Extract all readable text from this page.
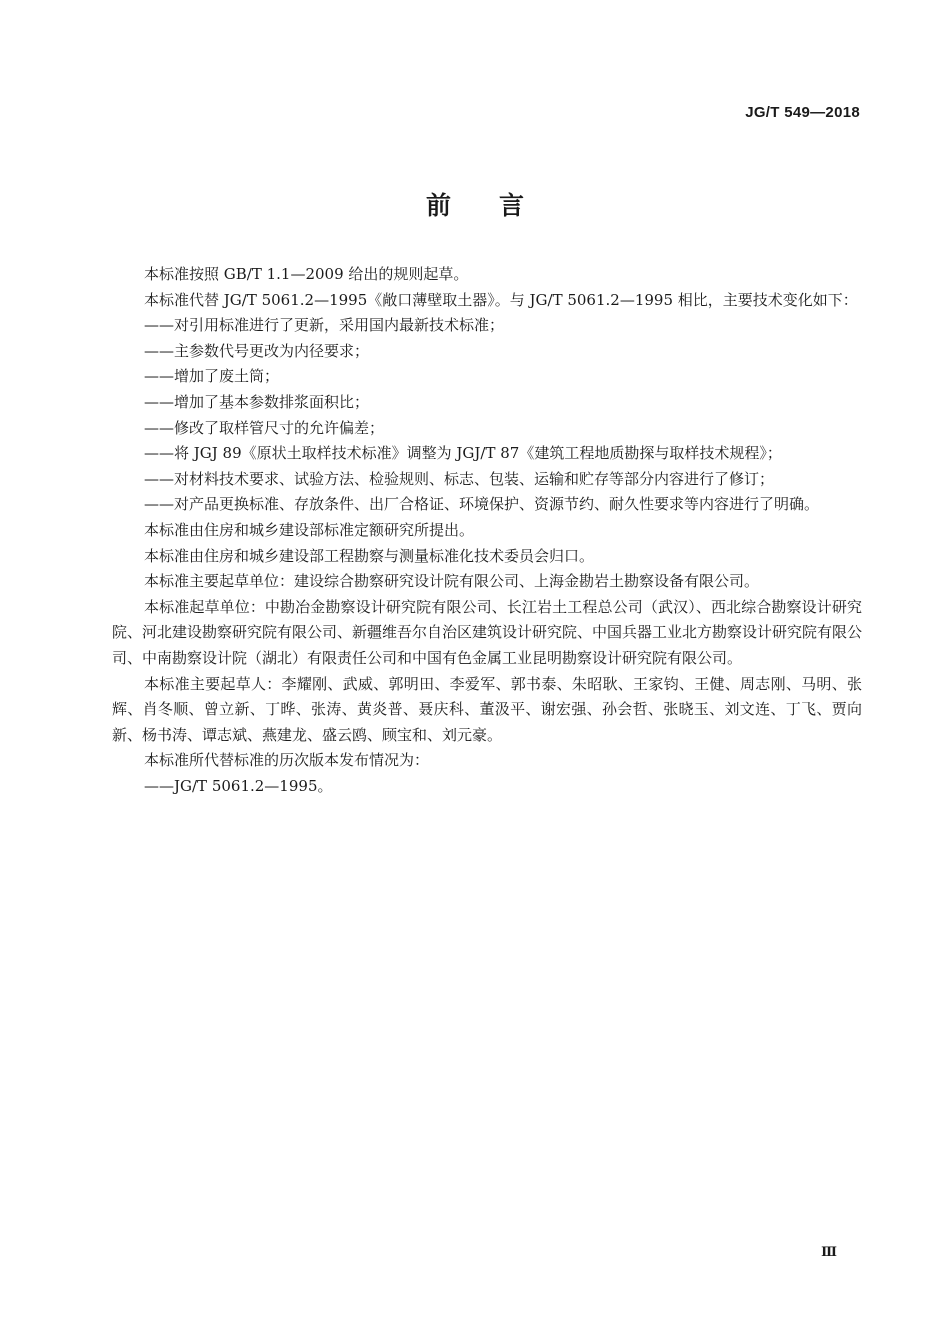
JG/T 549—2018
前言

本标准按照 GB/T 1.1—2009 给出的规则起草。

本标准代替 JG/T 5061.2—1995《敞口薄壁取土器》。与 JG/T 5061.2—1995 相比，主要技术变化如下：

——对引用标准进行了更新，采用国内最新技术标准；

——主参数代号更改为内径要求；

——增加了废土筒；

——增加了基本参数排浆面积比；

——修改了取样管尺寸的允许偏差；

——将 JGJ 89《原状土取样技术标准》调整为 JGJ/T 87《建筑工程地质勘探与取样技术规程》；

——对材料技术要求、试验方法、检验规则、标志、包装、运输和贮存等部分内容进行了修订；

——对产品更换标准、存放条件、出厂合格证、环境保护、资源节约、耐久性要求等内容进行了明确。

本标准由住房和城乡建设部标准定额研究所提出。

本标准由住房和城乡建设部工程勘察与测量标准化技术委员会归口。

本标准主要起草单位：建设综合勘察研究设计院有限公司、上海金勘岩土勘察设备有限公司。

本标准起草单位：中勘冶金勘察设计研究院有限公司、长江岩土工程总公司（武汉）、西北综合勘察设计研究院、河北建设勘察研究院有限公司、新疆维吾尔自治区建筑设计研究院、中国兵器工业北方勘察设计研究院有限公司、中南勘察设计院（湖北）有限责任公司和中国有色金属工业昆明勘察设计研究院有限公司。

本标准主要起草人：李耀刚、武威、郭明田、李爱军、郭书泰、朱昭耿、王家钧、王健、周志刚、马明、张辉、肖冬顺、曾立新、丁晔、张涛、黄炎普、聂庆科、董汲平、谢宏强、孙会哲、张晓玉、刘文连、丁飞、贾向新、杨书涛、谭志斌、燕建龙、盛云鸥、顾宝和、刘元豪。

本标准所代替标准的历次版本发布情况为：

——JG/T 5061.2—1995。

Ⅲ
